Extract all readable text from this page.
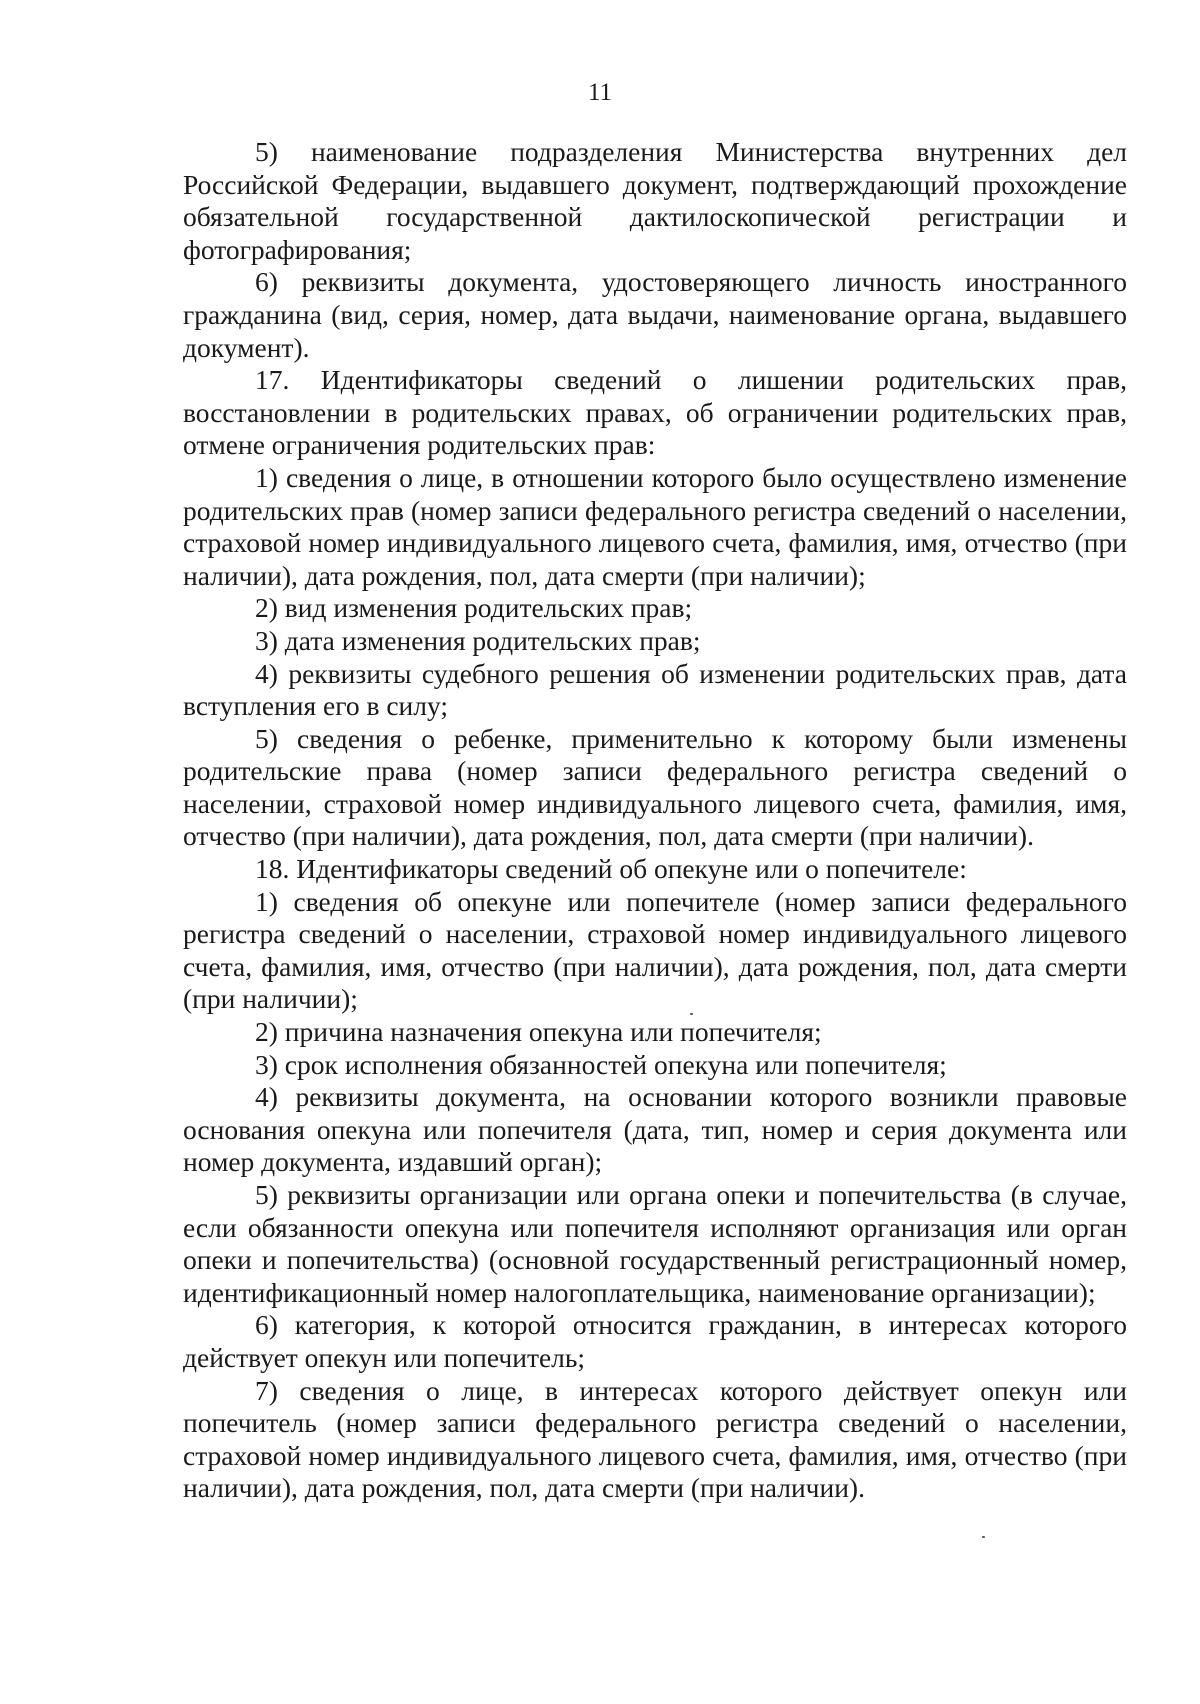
11

5) наименование подразделения Министерства внутренних дел Российской Федерации, выдавшего документ, подтверждающий прохождение обязательной государственной дактилоскопической регистрации и фотографирования;

6) реквизиты документа, удостоверяющего личность иностранного гражданина (вид, серия, номер, дата выдачи, наименование органа, выдавшего документ).

17. Идентификаторы сведений о лишении родительских прав, восстановлении в родительских правах, об ограничении родительских прав, отмене ограничения родительских прав:

1) сведения о лице, в отношении которого было осуществлено изменение родительских прав (номер записи федерального регистра сведений о населении, страховой номер индивидуального лицевого счета, фамилия, имя, отчество (при наличии), дата рождения, пол, дата смерти (при наличии);

2) вид изменения родительских прав;

3) дата изменения родительских прав;

4) реквизиты судебного решения об изменении родительских прав, дата вступления его в силу;

5) сведения о ребенке, применительно к которому были изменены родительские права (номер записи федерального регистра сведений о населении, страховой номер индивидуального лицевого счета, фамилия, имя, отчество (при наличии), дата рождения, пол, дата смерти (при наличии).

18. Идентификаторы сведений об опекуне или о попечителе:

1) сведения об опекуне или попечителе (номер записи федерального регистра сведений о населении, страховой номер индивидуального лицевого счета, фамилия, имя, отчество (при наличии), дата рождения, пол, дата смерти (при наличии);

2) причина назначения опекуна или попечителя;

3) срок исполнения обязанностей опекуна или попечителя;

4) реквизиты документа, на основании которого возникли правовые основания опекуна или попечителя (дата, тип, номер и серия документа или номер документа, издавший орган);

5) реквизиты организации или органа опеки и попечительства (в случае, если обязанности опекуна или попечителя исполняют организация или орган опеки и попечительства) (основной государственный регистрационный номер, идентификационный номер налогоплательщика, наименование организации);

6) категория, к которой относится гражданин, в интересах которого действует опекун или попечитель;

7) сведения о лице, в интересах которого действует опекун или попечитель (номер записи федерального регистра сведений о населении, страховой номер индивидуального лицевого счета, фамилия, имя, отчество (при наличии), дата рождения, пол, дата смерти (при наличии).
